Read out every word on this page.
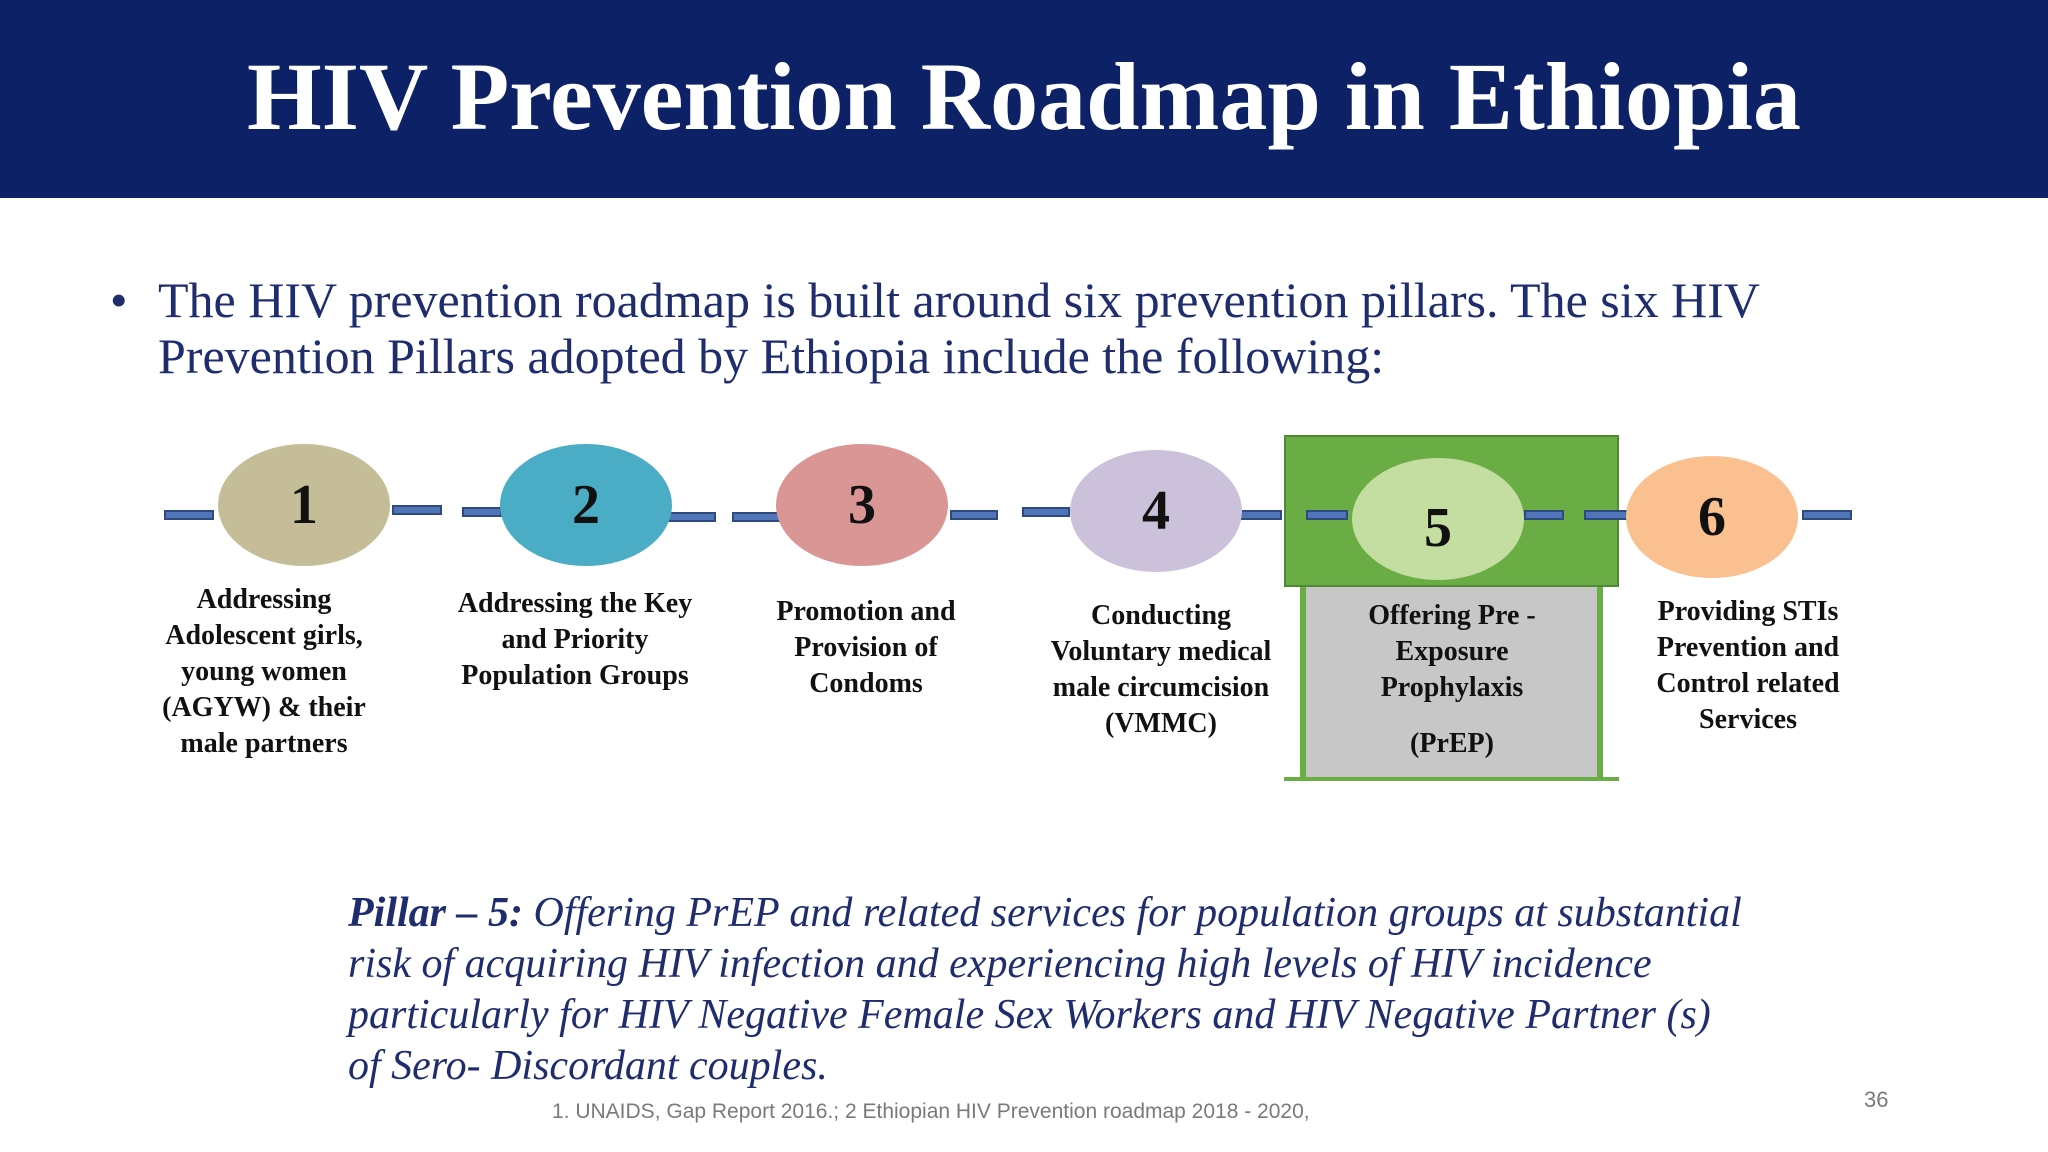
HIV Prevention Roadmap in Ethiopia
• The HIV prevention roadmap is built around six prevention pillars. The six HIV Prevention Pillars adopted by Ethiopia include the following:
1	2	3	4	5	6
Addressing Adolescent girls, young women (AGYW) & their male partners
Addressing the Key and Priority Population Groups
Promotion and Provision of Condoms
Conducting Voluntary medical male circumcision (VMMC)
Offering Pre - Exposure Prophylaxis
(PrEP)
Providing STIs Prevention and Control related Services
Pillar – 5: Offering PrEP and related services for population groups at substantial risk of acquiring HIV infection and experiencing high levels of HIV incidence particularly for HIV Negative Female Sex Workers and HIV Negative Partner (s) of Sero- Discordant couples.
1. UNAIDS, Gap Report 2016.; 2 Ethiopian HIV Prevention roadmap 2018 - 2020,	36
